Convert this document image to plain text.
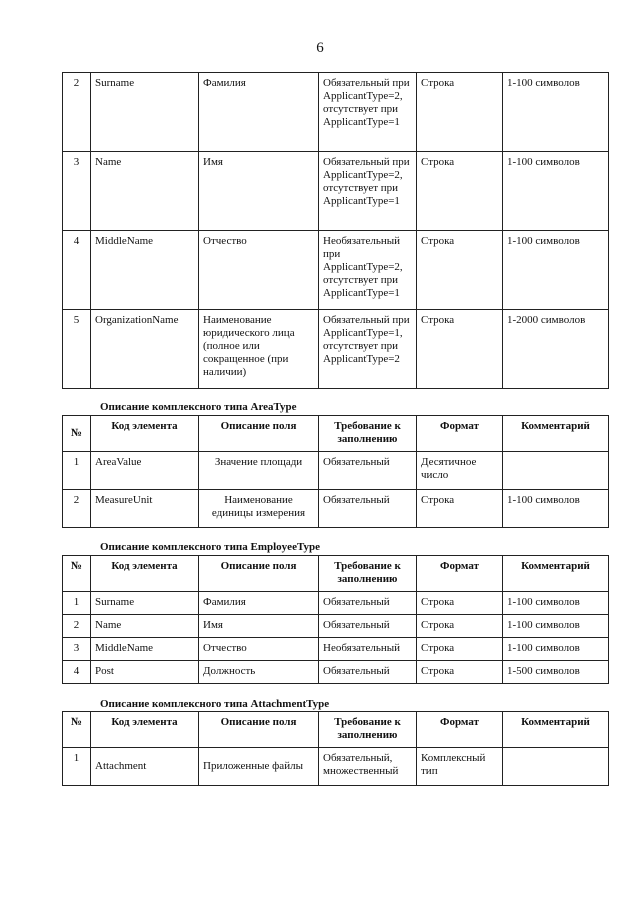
6
2	Surname	Фамилия	Обязательный при ApplicantType=2, отсутствует при ApplicantType=1	Строка	1-100 символов
3	Name	Имя	Обязательный при ApplicantType=2, отсутствует при ApplicantType=1	Строка	1-100 символов
4	MiddleName	Отчество	Необязательный при ApplicantType=2, отсутствует при ApplicantType=1	Строка	1-100 символов
5	OrganizationName	Наименование юридического лица (полное или сокращенное (при наличии)	Обязательный при ApplicantType=1, отсутствует при ApplicantType=2	Строка	1-2000 символов
Описание комплексного типа AreaType
№	Код элемента	Описание поля	Требование к заполнению	Формат	Комментарий
1	AreaValue	Значение площади	Обязательный	Десятичное число	
2	MeasureUnit	Наименование единицы измерения	Обязательный	Строка	1-100 символов
Описание комплексного типа EmployeeType
№	Код элемента	Описание поля	Требование к заполнению	Формат	Комментарий
1	Surname	Фамилия	Обязательный	Строка	1-100 символов
2	Name	Имя	Обязательный	Строка	1-100 символов
3	MiddleName	Отчество	Необязательный	Строка	1-100 символов
4	Post	Должность	Обязательный	Строка	1-500 символов
Описание комплексного типа AttachmentType
№	Код элемента	Описание поля	Требование к заполнению	Формат	Комментарий
1	Attachment	Приложенные файлы	Обязательный, множественный	Комплексный тип	
